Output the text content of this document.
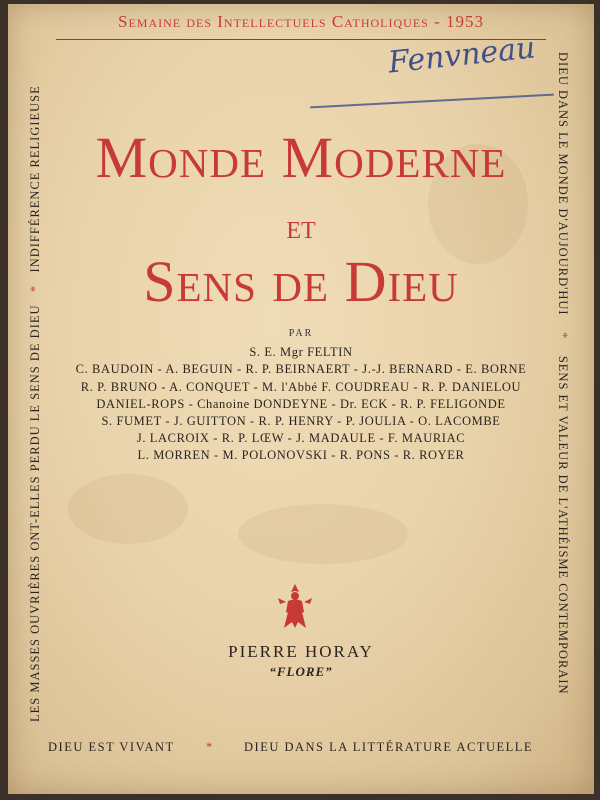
Semaine des Intellectuels Catholiques - 1953
Fenvneau
Monde Moderne
et
Sens de Dieu
PAR
S. E. Mgr FELTIN
C. BAUDOIN - A. BEGUIN - R. P. BEIRNAERT - J.-J. BERNARD - E. BORNE
R. P. BRUNO - A. CONQUET - M. l'Abbé F. COUDREAU - R. P. DANIELOU
DANIEL-ROPS - Chanoine DONDEYNE - Dr. ECK - R. P. FELIGONDE
S. FUMET - J. GUITTON - R. P. HENRY - P. JOULIA - O. LACOMBE
J. LACROIX - R. P. LŒW - J. MADAULE - F. MAURIAC
L. MORREN - M. POLONOVSKI - R. PONS - R. ROYER
LES MASSES OUVRIÈRES ONT-ELLES PERDU LE SENS DE DIEU   *   INDIFFÉRENCE RELIGIEUSE	DIEU DANS LE MONDE D'AUJOURD'HUI    *    SENS ET VALEUR DE L'ATHÉISME CONTEMPORAIN
PIERRE HORAY
“FLORE”
DIEU EST VIVANT	* DIEU DANS LA LITTÉRATURE ACTUELLE
